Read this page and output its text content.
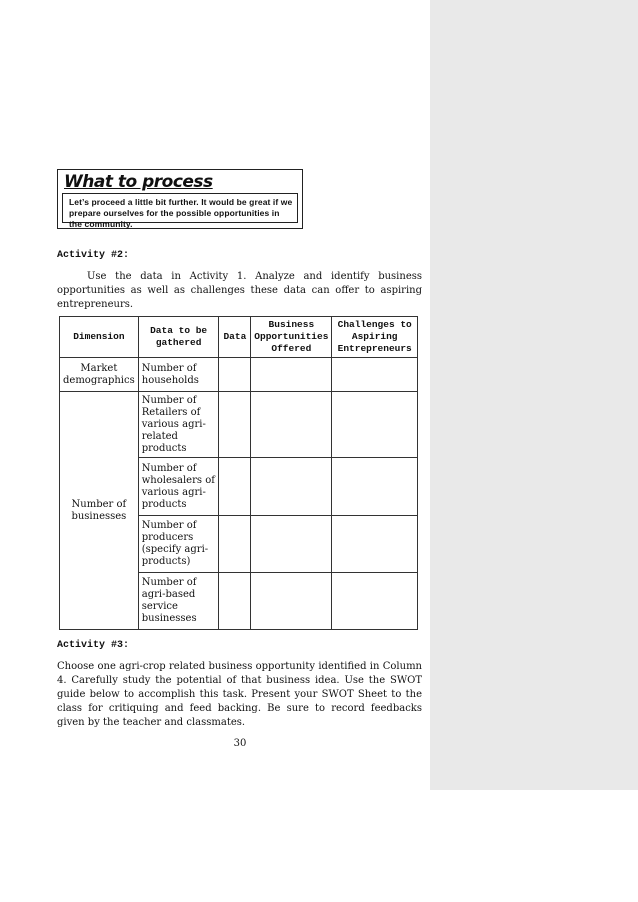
What to process
Let’s proceed a little bit further. It would be great if we prepare ourselves for the possible opportunities in the community.
Activity #2:
Use the data in Activity 1. Analyze and identify business opportunities as well as challenges these data can offer to aspiring entrepreneurs.
Dimension	Data to be gathered	Data	Business Opportunities Offered	Challenges to Aspiring Entrepreneurs
Market demographics	Number of households			
Number of businesses	Number of Retailers of various agri-related products			
	Number of wholesalers of various agri-products			
	Number of producers (specify agri-products)			
	Number of agri-based service businesses			
Activity #3:
Choose one agri-crop related business opportunity identified in Column 4. Carefully study the potential of that business idea. Use the SWOT guide below to accomplish this task. Present your SWOT Sheet to the class for critiquing and feed backing. Be sure to record feedbacks given by the teacher and classmates.
30
